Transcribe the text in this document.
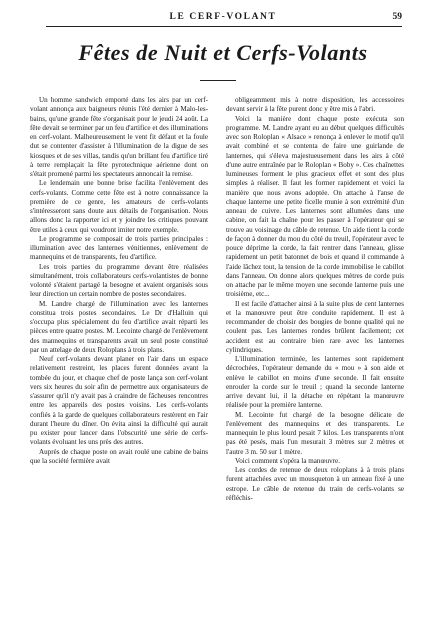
LE CERF-VOLANT	59
Fêtes de Nuit et Cerfs-Volants

Un homme sandwich emporté dans les airs par un cerf-volant annonça aux baigneurs réunis l'été dernier à Malo-les-bains, qu'une grande fête s'organisait pour le jeudi 24 août. La fête devait se terminer par un feu d'artifice et des illuminations en cerf-volant. Malheureusement le vent fit défaut et la foule dut se contenter d'assister à l'illumination de la digue de ses kiosques et de ses villas, tandis qu'un brillant feu d'artifice tiré à terre remplaçait la fête pyrotechnique aérienne dont on s'était promené parmi les spectateurs annoncait la remise.

Le lendemain une bonne brise facilita l'enlèvement des cerfs-volants. Comme cette fête est à notre connaissance la première de ce genre, les amateurs de cerfs-volants s'intéresseront sans doute aux détails de l'organisation. Nous allons donc la rapporter ici et y joindre les critiques pouvant être utiles à ceux qui voudront imiter notre exemple.

Le programme se composait de trois parties principales : illumination avec des lanternes vénitiennes, enlèvement de mannequins et de transparents, feu d'artifice.

Les trois parties du programme devant être réalisées simultanément, trois collaborateurs cerfs-volantistes de bonne volonté s'étaient partagé la besogne et avaient organisés sous leur direction un certain nombre de postes secondaires.

M. Landre chargé de l'illumination avec les lanternes constitua trois postes secondaires. Le Dr d'Halluin qui s'occupa plus spécialement du feu d'artifice avait réparti les pièces entre quatre postes. M. Lecointe chargé de l'enlèvement des mannequins et transparents avait un seul poste constitué par un attelage de deux Roloplans à trois plans.

Neuf cerf-volants devant planer en l'air dans un espace relativement restreint, les places furent données avant la tombée du jour, et chaque chef de poste lança son cerf-volant vers six heures du soir afin de permettre aux organisateurs de s'assurer qu'il n'y avait pas à craindre de fâcheuses rencontres entre les appareils des postes voisins. Les cerfs-volants confiés à la garde de quelques collaborateurs restèrent en l'air durant l'heure du dîner. On évita ainsi la difficulté qui aurait pu exister pour lancer dans l'obscurité une série de cerfs-volants évoluant les uns près des autres.

Auprès de chaque poste on avait roulé une cabine de bains que la société fermière avait

obligeamment mis à notre disposition, les accessoires devant servir à la fête purent donc y être mis à l'abri.

Voici la manière dont chaque poste exécuta son programme. M. Landre ayant eu au début quelques difficultés avec son Roloplan « Alsace » renonça à enlever le motif qu'il avait combiné et se contenta de faire une guirlande de lanternes, qui s'éleva majestueusement dans les airs à côté d'une autre entraînée par le Roloplan « Boby ». Ces chaînettes lumineuses forment le plus gracieux effet et sont des plus simples à réaliser. Il faut les former rapidement et voici la manière que nous avons adoptée. On attache à l'anse de chaque lanterne une petite ficelle munie à son extrémité d'un anneau de cuivre. Les lanternes sont allumées dans une cabine, on fait la chaîne pour les passer à l'opérateur qui se trouve au voisinage du câble de retenue. Un aide tient la corde de façon à donner du mou du côté du treuil, l'opérateur avec le pouce déprime la corde, la fait rentrer dans l'anneau, glisse rapidement un petit batonnet de bois et quand il commande à l'aide lâchez tout, la tension de la corde immobilise le cabillot dans l'anneau. On donne alors quelques mètres de corde puis on attache par le même moyen une seconde lanterne puis une troisième, etc...

Il est facile d'attacher ainsi à la suite plus de cent lanternes et la manœuvre peut être conduite rapidement. Il est à recommander de choisir des bougies de bonne qualité qui ne coulent pas. Les lanternes rondes brûlent facilement; cet accident est au contraire bien rare avec les lanternes cylindriques.

L'illumination terminée, les lanternes sont rapidement décrochées, l'opérateur demande du « mou » à son aide et enlève le cabillot en moins d'une seconde. Il fait ensuite enrouler la corde sur le treuil ; quand la seconde lanterne arrive devant lui, il la détache en répétant la manœuvre réalisée pour la première lanterne.

M. Lecointe fut chargé de la besogne délicate de l'enlèvement des mannequins et des transparents. Le mannequin le plus lourd pesait 7 kilos. Les transparents n'ont pas été pesés, mais l'un mesurait 3 mètres sur 2 mètres et l'autre 3 m. 50 sur 1 mètre.

Voici comment s'opéra la manœuvre.

Les cordes de retenue de deux roloplans à à trois plans furent attachées avec un mousqueton à un anneau fixé à une estrope. Le câble de retenue du train de cerfs-volants se réfléchis-
